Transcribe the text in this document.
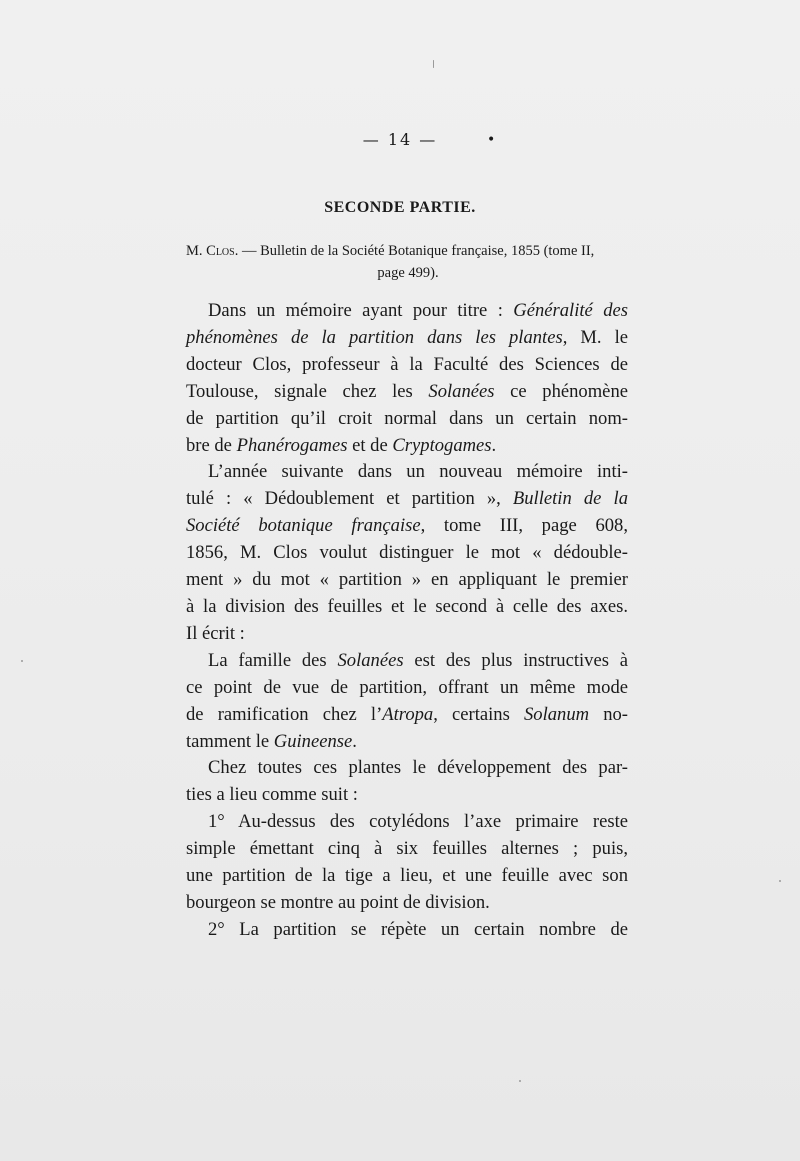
— 14 —	•
SECONDE PARTIE.
M. Clos. — Bulletin de la Société Botanique française, 1855 (tome II,
page 499).
Dans un mémoire ayant pour titre : Généralité des
phénomènes de la partition dans les plantes, M. le
docteur Clos, professeur à la Faculté des Sciences de
Toulouse, signale chez les Solanées ce phénomène
de partition qu’il croit normal dans un certain nom-
bre de Phanérogames et de Cryptogames.
L’année suivante dans un nouveau mémoire inti-
tulé : « Dédoublement et partition », Bulletin de la
Société botanique française, tome III, page 608,
1856, M. Clos voulut distinguer le mot « dédouble-
ment » du mot « partition » en appliquant le premier
à la division des feuilles et le second à celle des axes.
Il écrit :
La famille des Solanées est des plus instructives à
ce point de vue de partition, offrant un même mode
de ramification chez l’Atropa, certains Solanum no-
tamment le Guineense.
Chez toutes ces plantes le développement des par-
ties a lieu comme suit :
1° Au-dessus des cotylédons l’axe primaire reste
simple émettant cinq à six feuilles alternes ; puis,
une partition de la tige a lieu, et une feuille avec son
bourgeon se montre au point de division.
2° La partition se répète un certain nombre de
